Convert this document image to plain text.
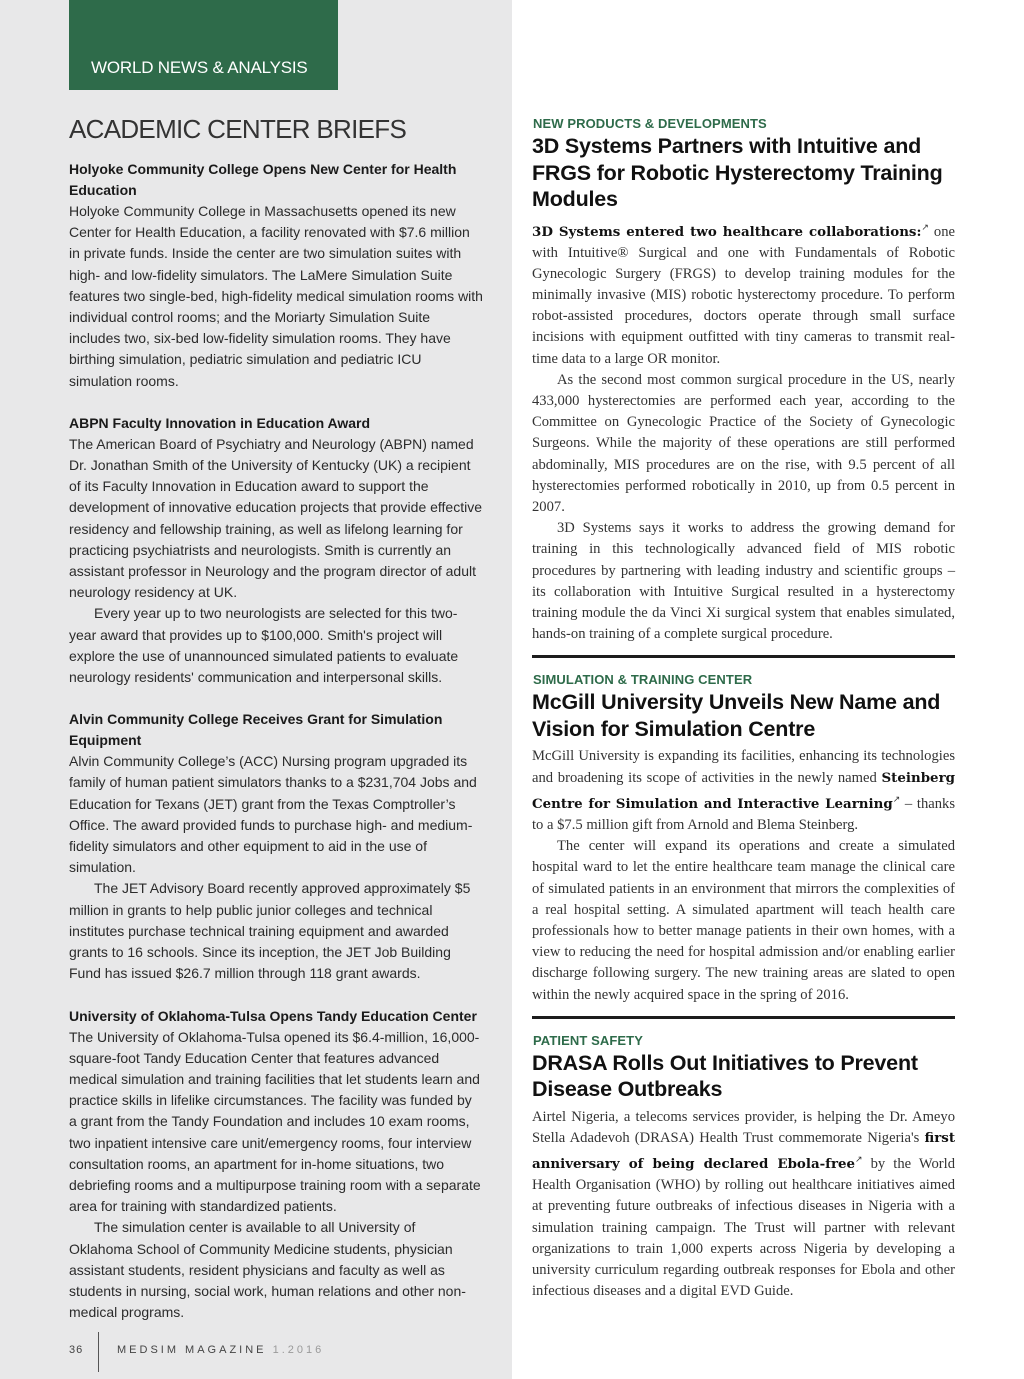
WORLD NEWS & ANALYSIS
ACADEMIC CENTER BRIEFS

Holyoke Community College Opens New Center for Health Education

Holyoke Community College in Massachusetts opened its new Center for Health Education, a facility renovated with $7.6 million in private funds. Inside the center are two simulation suites with high- and low-fidelity simulators. The LaMere Simulation Suite features two single-bed, high-fidelity medical simulation rooms with individual control rooms; and the Moriarty Simulation Suite includes two, six-bed low-fidelity simulation rooms. They have birthing simulation, pediatric simulation and pediatric ICU simulation rooms.

ABPN Faculty Innovation in Education Award

The American Board of Psychiatry and Neurology (ABPN) named Dr. Jonathan Smith of the University of Kentucky (UK) a recipient of its Faculty Innovation in Education award to support the development of innovative education projects that provide effective residency and fellowship training, as well as lifelong learning for practicing psychiatrists and neurologists. Smith is currently an assistant professor in Neurology and the program director of adult neurology residency at UK.

Every year up to two neurologists are selected for this two-year award that provides up to $100,000. Smith's project will explore the use of unannounced simulated patients to evaluate neurology residents' communication and interpersonal skills.

Alvin Community College Receives Grant for Simulation Equipment

Alvin Community College’s (ACC) Nursing program upgraded its family of human patient simulators thanks to a $231,704 Jobs and Education for Texans (JET) grant from the Texas Comptroller’s Office. The award provided funds to purchase high- and medium-fidelity simulators and other equipment to aid in the use of simulation.

The JET Advisory Board recently approved approximately $5 million in grants to help public junior colleges and technical institutes purchase technical training equipment and awarded grants to 16 schools. Since its inception, the JET Job Building Fund has issued $26.7 million through 118 grant awards.

University of Oklahoma-Tulsa Opens Tandy Education Center

The University of Oklahoma-Tulsa opened its $6.4-million, 16,000-square-foot Tandy Education Center that features advanced medical simulation and training facilities that let students learn and practice skills in lifelike circumstances. The facility was funded by a grant from the Tandy Foundation and includes 10 exam rooms, two inpatient intensive care unit/emergency rooms, four interview consultation rooms, an apartment for in-home situations, two debriefing rooms and a multipurpose training room with a separate area for training with standardized patients.

The simulation center is available to all University of Oklahoma School of Community Medicine students, physician assistant students, resident physicians and faculty as well as students in nursing, social work, human relations and other non-medical programs.

36	MEDSIM MAGAZINE 1.2016

NEW PRODUCTS & DEVELOPMENTS

3D Systems Partners with Intuitive and FRGS for Robotic Hysterectomy Training Modules

3D Systems entered two healthcare collaborations:↗ one with Intuitive® Surgical and one with Fundamentals of Robotic Gynecologic Surgery (FRGS) to develop training modules for the minimally invasive (MIS) robotic hysterectomy procedure. To perform robot-assisted procedures, doctors operate through small surface incisions with equipment outfitted with tiny cameras to transmit real-time data to a large OR monitor.

As the second most common surgical procedure in the US, nearly 433,000 hysterectomies are performed each year, according to the Committee on Gynecologic Practice of the Society of Gynecologic Surgeons. While the majority of these operations are still performed abdominally, MIS procedures are on the rise, with 9.5 percent of all hysterectomies performed robotically in 2010, up from 0.5 percent in 2007.

3D Systems says it works to address the growing demand for training in this technologically advanced field of MIS robotic procedures by partnering with leading industry and scientific groups – its collaboration with Intuitive Surgical resulted in a hysterectomy training module the da Vinci Xi surgical system that enables simulated, hands-on training of a complete surgical procedure.

SIMULATION & TRAINING CENTER

McGill University Unveils New Name and Vision for Simulation Centre

McGill University is expanding its facilities, enhancing its technologies and broadening its scope of activities in the newly named Steinberg Centre for Simulation and Interactive Learning↗ – thanks to a $7.5 million gift from Arnold and Blema Steinberg.

The center will expand its operations and create a simulated hospital ward to let the entire healthcare team manage the clinical care of simulated patients in an environment that mirrors the complexities of a real hospital setting. A simulated apartment will teach health care professionals how to better manage patients in their own homes, with a view to reducing the need for hospital admission and/or enabling earlier discharge following surgery. The new training areas are slated to open within the newly acquired space in the spring of 2016.

PATIENT SAFETY

DRASA Rolls Out Initiatives to Prevent Disease Outbreaks

Airtel Nigeria, a telecoms services provider, is helping the Dr. Ameyo Stella Adadevoh (DRASA) Health Trust commemorate Nigeria's first anniversary of being declared Ebola-free↗ by the World Health Organisation (WHO) by rolling out healthcare initiatives aimed at preventing future outbreaks of infectious diseases in Nigeria with a simulation training campaign. The Trust will partner with relevant organizations to train 1,000 experts across Nigeria by developing a university curriculum regarding outbreak responses for Ebola and other infectious diseases and a digital EVD Guide.
